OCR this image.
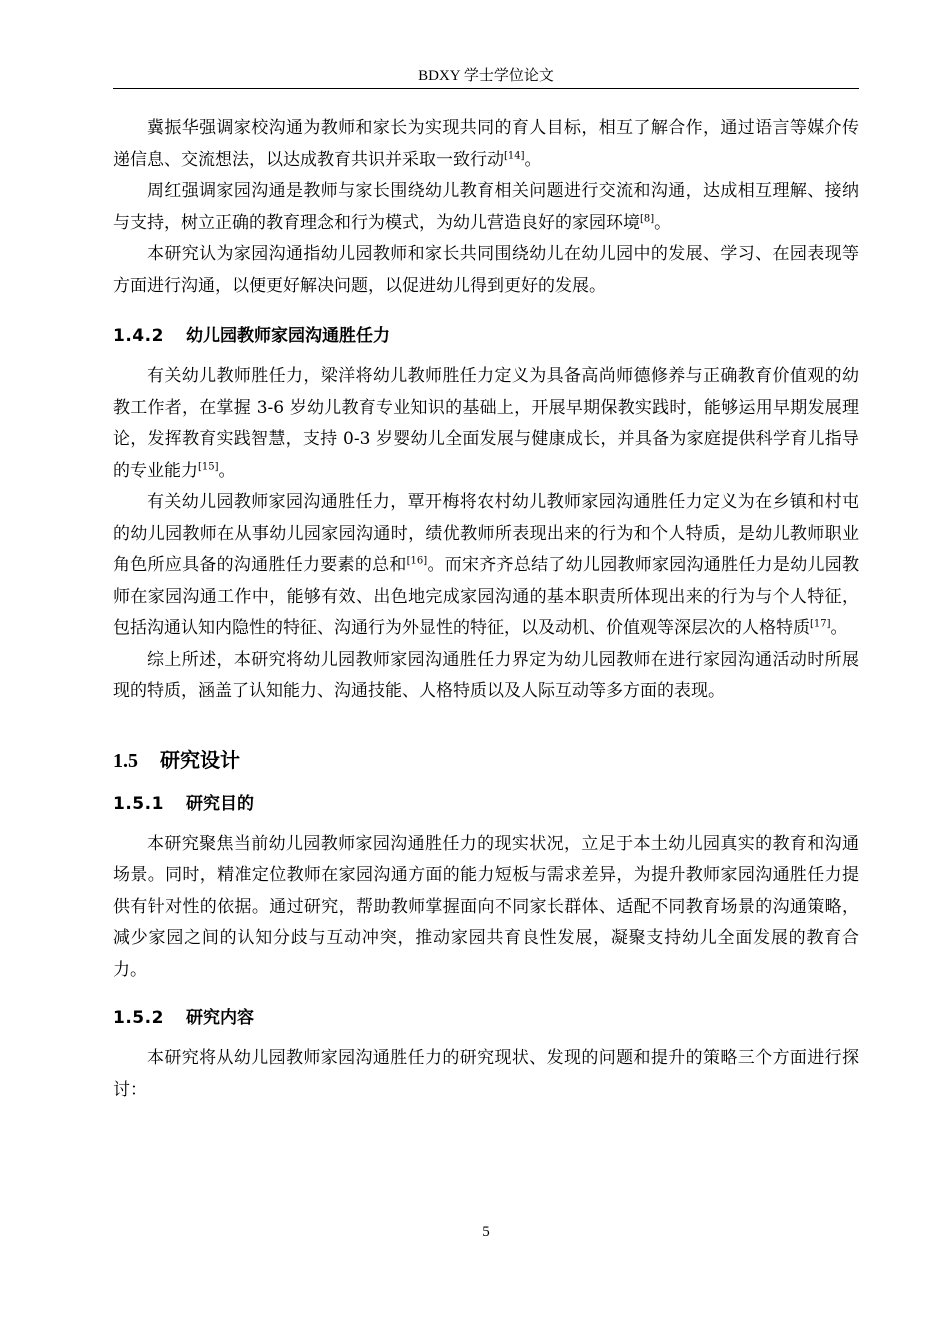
BDXY 学士学位论文

冀振华强调家校沟通为教师和家长为实现共同的育人目标，相互了解合作，通过语言等媒介传递信息、交流想法，以达成教育共识并采取一致行动[14]。

周红强调家园沟通是教师与家长围绕幼儿教育相关问题进行交流和沟通，达成相互理解、接纳与支持，树立正确的教育理念和行为模式，为幼儿营造良好的家园环境[8]。

本研究认为家园沟通指幼儿园教师和家长共同围绕幼儿在幼儿园中的发展、学习、在园表现等方面进行沟通，以便更好解决问题，以促进幼儿得到更好的发展。

1.4.2 幼儿园教师家园沟通胜任力

有关幼儿教师胜任力，梁洋将幼儿教师胜任力定义为具备高尚师德修养与正确教育价值观的幼教工作者，在掌握 3-6 岁幼儿教育专业知识的基础上，开展早期保教实践时，能够运用早期发展理论，发挥教育实践智慧，支持 0-3 岁婴幼儿全面发展与健康成长，并具备为家庭提供科学育儿指导的专业能力[15]。

有关幼儿园教师家园沟通胜任力，覃开梅将农村幼儿教师家园沟通胜任力定义为在乡镇和村屯的幼儿园教师在从事幼儿园家园沟通时，绩优教师所表现出来的行为和个人特质，是幼儿教师职业角色所应具备的沟通胜任力要素的总和[16]。而宋齐齐总结了幼儿园教师家园沟通胜任力是幼儿园教师在家园沟通工作中，能够有效、出色地完成家园沟通的基本职责所体现出来的行为与个人特征，包括沟通认知内隐性的特征、沟通行为外显性的特征，以及动机、价值观等深层次的人格特质[17]。

综上所述，本研究将幼儿园教师家园沟通胜任力界定为幼儿园教师在进行家园沟通活动时所展现的特质，涵盖了认知能力、沟通技能、人格特质以及人际互动等多方面的表现。

1.5 研究设计
1.5.1 研究目的

本研究聚焦当前幼儿园教师家园沟通胜任力的现实状况，立足于本土幼儿园真实的教育和沟通场景。同时，精准定位教师在家园沟通方面的能力短板与需求差异，为提升教师家园沟通胜任力提供有针对性的依据。通过研究，帮助教师掌握面向不同家长群体、适配不同教育场景的沟通策略，减少家园之间的认知分歧与互动冲突，推动家园共育良性发展，凝聚支持幼儿全面发展的教育合力。

1.5.2 研究内容

本研究将从幼儿园教师家园沟通胜任力的研究现状、发现的问题和提升的策略三个方面进行探讨：

5
